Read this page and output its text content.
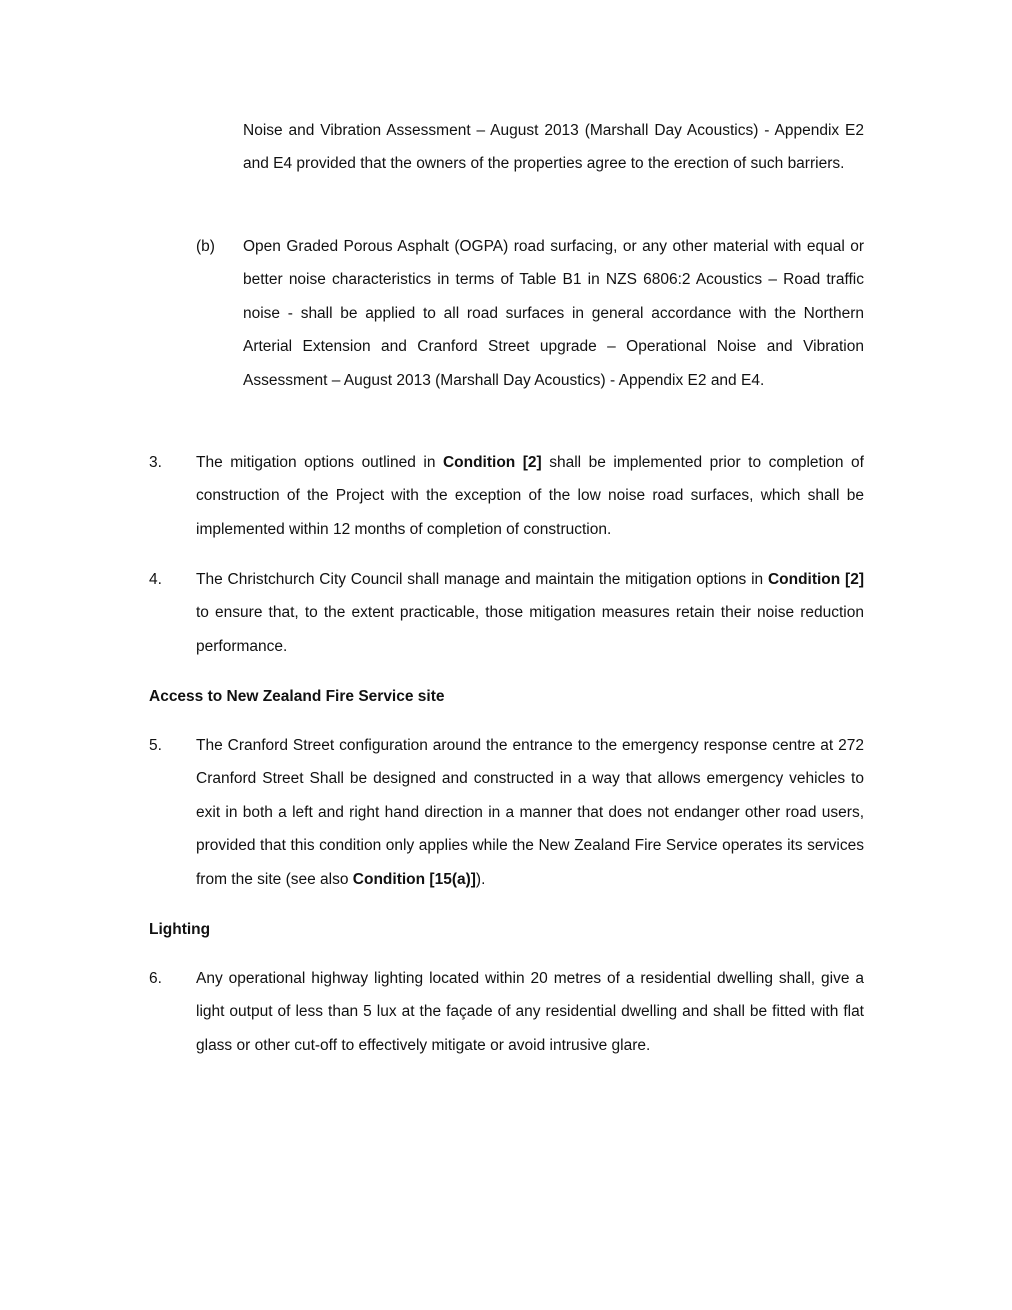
Noise and Vibration Assessment – August 2013 (Marshall Day Acoustics) - Appendix E2 and E4 provided that the owners of the properties agree to the erection of such barriers.

(b) Open Graded Porous Asphalt (OGPA) road surfacing, or any other material with equal or better noise characteristics in terms of Table B1 in NZS 6806:2 Acoustics – Road traffic noise - shall be applied to all road surfaces in general accordance with the Northern Arterial Extension and Cranford Street upgrade – Operational Noise and Vibration Assessment – August 2013 (Marshall Day Acoustics) - Appendix E2 and E4.

3. The mitigation options outlined in Condition [2] shall be implemented prior to completion of construction of the Project with the exception of the low noise road surfaces, which shall be implemented within 12 months of completion of construction.

4. The Christchurch City Council shall manage and maintain the mitigation options in Condition [2] to ensure that, to the extent practicable, those mitigation measures retain their noise reduction performance.

Access to New Zealand Fire Service site

5. The Cranford Street configuration around the entrance to the emergency response centre at 272 Cranford Street Shall be designed and constructed in a way that allows emergency vehicles to exit in both a left and right hand direction in a manner that does not endanger other road users, provided that this condition only applies while the New Zealand Fire Service operates its services from the site (see also Condition [15(a)]).

Lighting

6. Any operational highway lighting located within 20 metres of a residential dwelling shall, give a light output of less than 5 lux at the façade of any residential dwelling and shall be fitted with flat glass or other cut-off to effectively mitigate or avoid intrusive glare.
